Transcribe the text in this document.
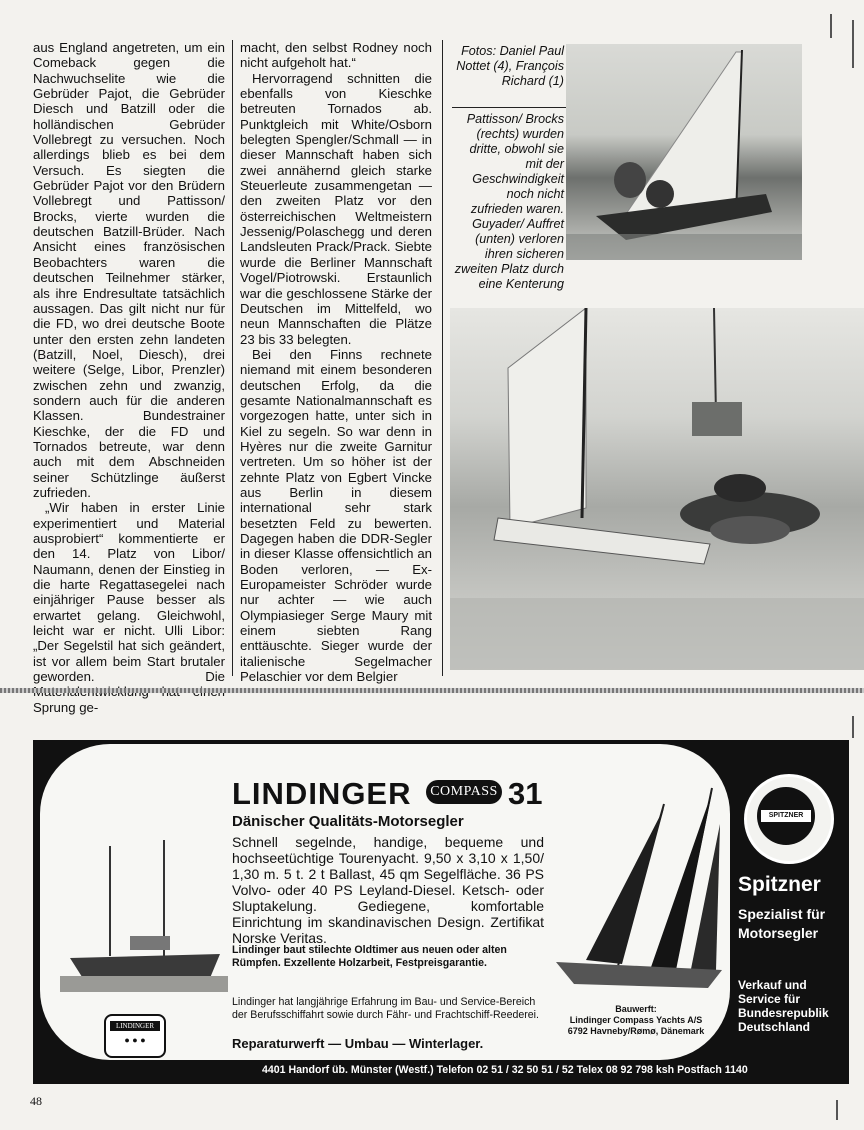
aus England angetreten, um ein Comeback gegen die Nachwuchselite wie die Gebrüder Pajot, die Gebrüder Diesch und Batzill oder die holländischen Gebrüder Vollebregt zu versuchen. Noch allerdings blieb es bei dem Versuch. Es siegten die Gebrüder Pajot vor den Brüdern Vollebregt und Pattisson/ Brocks, vierte wurden die deutschen Batzill-Brüder. Nach Ansicht eines französischen Beobachters waren die deutschen Teilnehmer stärker, als ihre Endresultate tatsächlich aussagen. Das gilt nicht nur für die FD, wo drei deutsche Boote unter den ersten zehn landeten (Batzill, Noel, Diesch), drei weitere (Selge, Libor, Prenzler) zwischen zehn und zwanzig, sondern auch für die anderen Klassen. Bundestrainer Kieschke, der die FD und Tornados betreute, war denn auch mit dem Abschneiden seiner Schützlinge äußerst zufrieden.

„Wir haben in erster Linie experimentiert und Material ausprobiert“ kommentierte er den 14. Platz von Libor/ Naumann, denen der Einstieg in die harte Regattasegelei nach einjähriger Pause besser als erwartet gelang. Gleichwohl, leicht war er nicht. Ulli Libor: „Der Segelstil hat sich geändert, ist vor allem beim Start brutaler geworden. Die Sprung ge-

macht, den selbst Rodney noch nicht aufgeholt hat.“

Hervorragend schnitten die ebenfalls von Kieschke betreuten Tornados ab. Punktgleich mit White/Osborn belegten Spengler/Schmall — in dieser Mannschaft haben sich zwei annähernd gleich starke Steuerleute zusammengetan — den zweiten Platz vor den österreichischen Weltmeistern Jessenig/Polaschegg und deren Landsleuten Prack/Prack. Siebte wurde die Berliner Mannschaft Vogel/Piotrowski. Erstaunlich war die geschlossene Stärke der Deutschen im Mittelfeld, wo neun Mannschaften die Plätze 23 bis 33 belegten.

Bei den Finns rechnete niemand mit einem besonderen deutschen Erfolg, da die gesamte Nationalmannschaft es vorgezogen hatte, unter sich in Kiel zu segeln. So war denn in Hyères nur die zweite Garnitur vertreten. Um so höher ist der zehnte Platz von Egbert Vincke aus Berlin in diesem international sehr stark besetzten Feld zu bewerten. Dagegen haben die DDR-Segler in dieser Klasse offensichtlich an Boden verloren, — Ex-Europameister Schröder wurde nur achter — wie auch Olympiasieger Serge Maury mit einem siebten Rang enttäuschte. Sieger wurde der italienische Segelmacher Pelaschier vor dem Belgier

Fotos: Daniel Paul Nottet (4), François Richard (1)
Pattisson/ Brocks (rechts) wurden dritte, obwohl sie mit der Geschwindigkeit noch nicht zufrieden waren. Guyader/ Auffret (unten) verloren ihren sicheren zweiten Platz durch eine Kenterung
LINDINGER
● ● ●
LINDINGER	COMPASS 31
Dänischer Qualitäts-Motorsegler
Schnell segelnde, handige, bequeme und hochseetüchtige Tourenyacht. 9,50 x 3,10 x 1,50/ 1,30 m. 5 t. 2 t Ballast, 45 qm Segelfläche. 36 PS Volvo- oder 40 PS Leyland-Diesel. Ketsch- oder Sluptakelung. Gediegene, komfortable Einrichtung im skandinavischen Design. Zertifikat Norske Veritas.
Lindinger baut stilechte Oldtimer aus neuen oder alten Rümpfen. Exzellente Holzarbeit, Festpreisgarantie.
Lindinger hat langjährige Erfahrung im Bau- und Service-Bereich der Berufsschiffahrt sowie durch Fähr- und Frachtschiff-Reederei.
Reparaturwerft — Umbau — Winterlager.
Bauwerft:
Lindinger Compass Yachts A/S
6792 Havneby/Rømø, Dänemark
SPITZNER
Spitzner
Spezialist für Motorsegler
Verkauf und Service für Bundesrepublik Deutschland
4401 Handorf üb. Münster (Westf.) Telefon 02 51 / 32 50 51 / 52 Telex 08 92 798 ksh Postfach 1140
48
